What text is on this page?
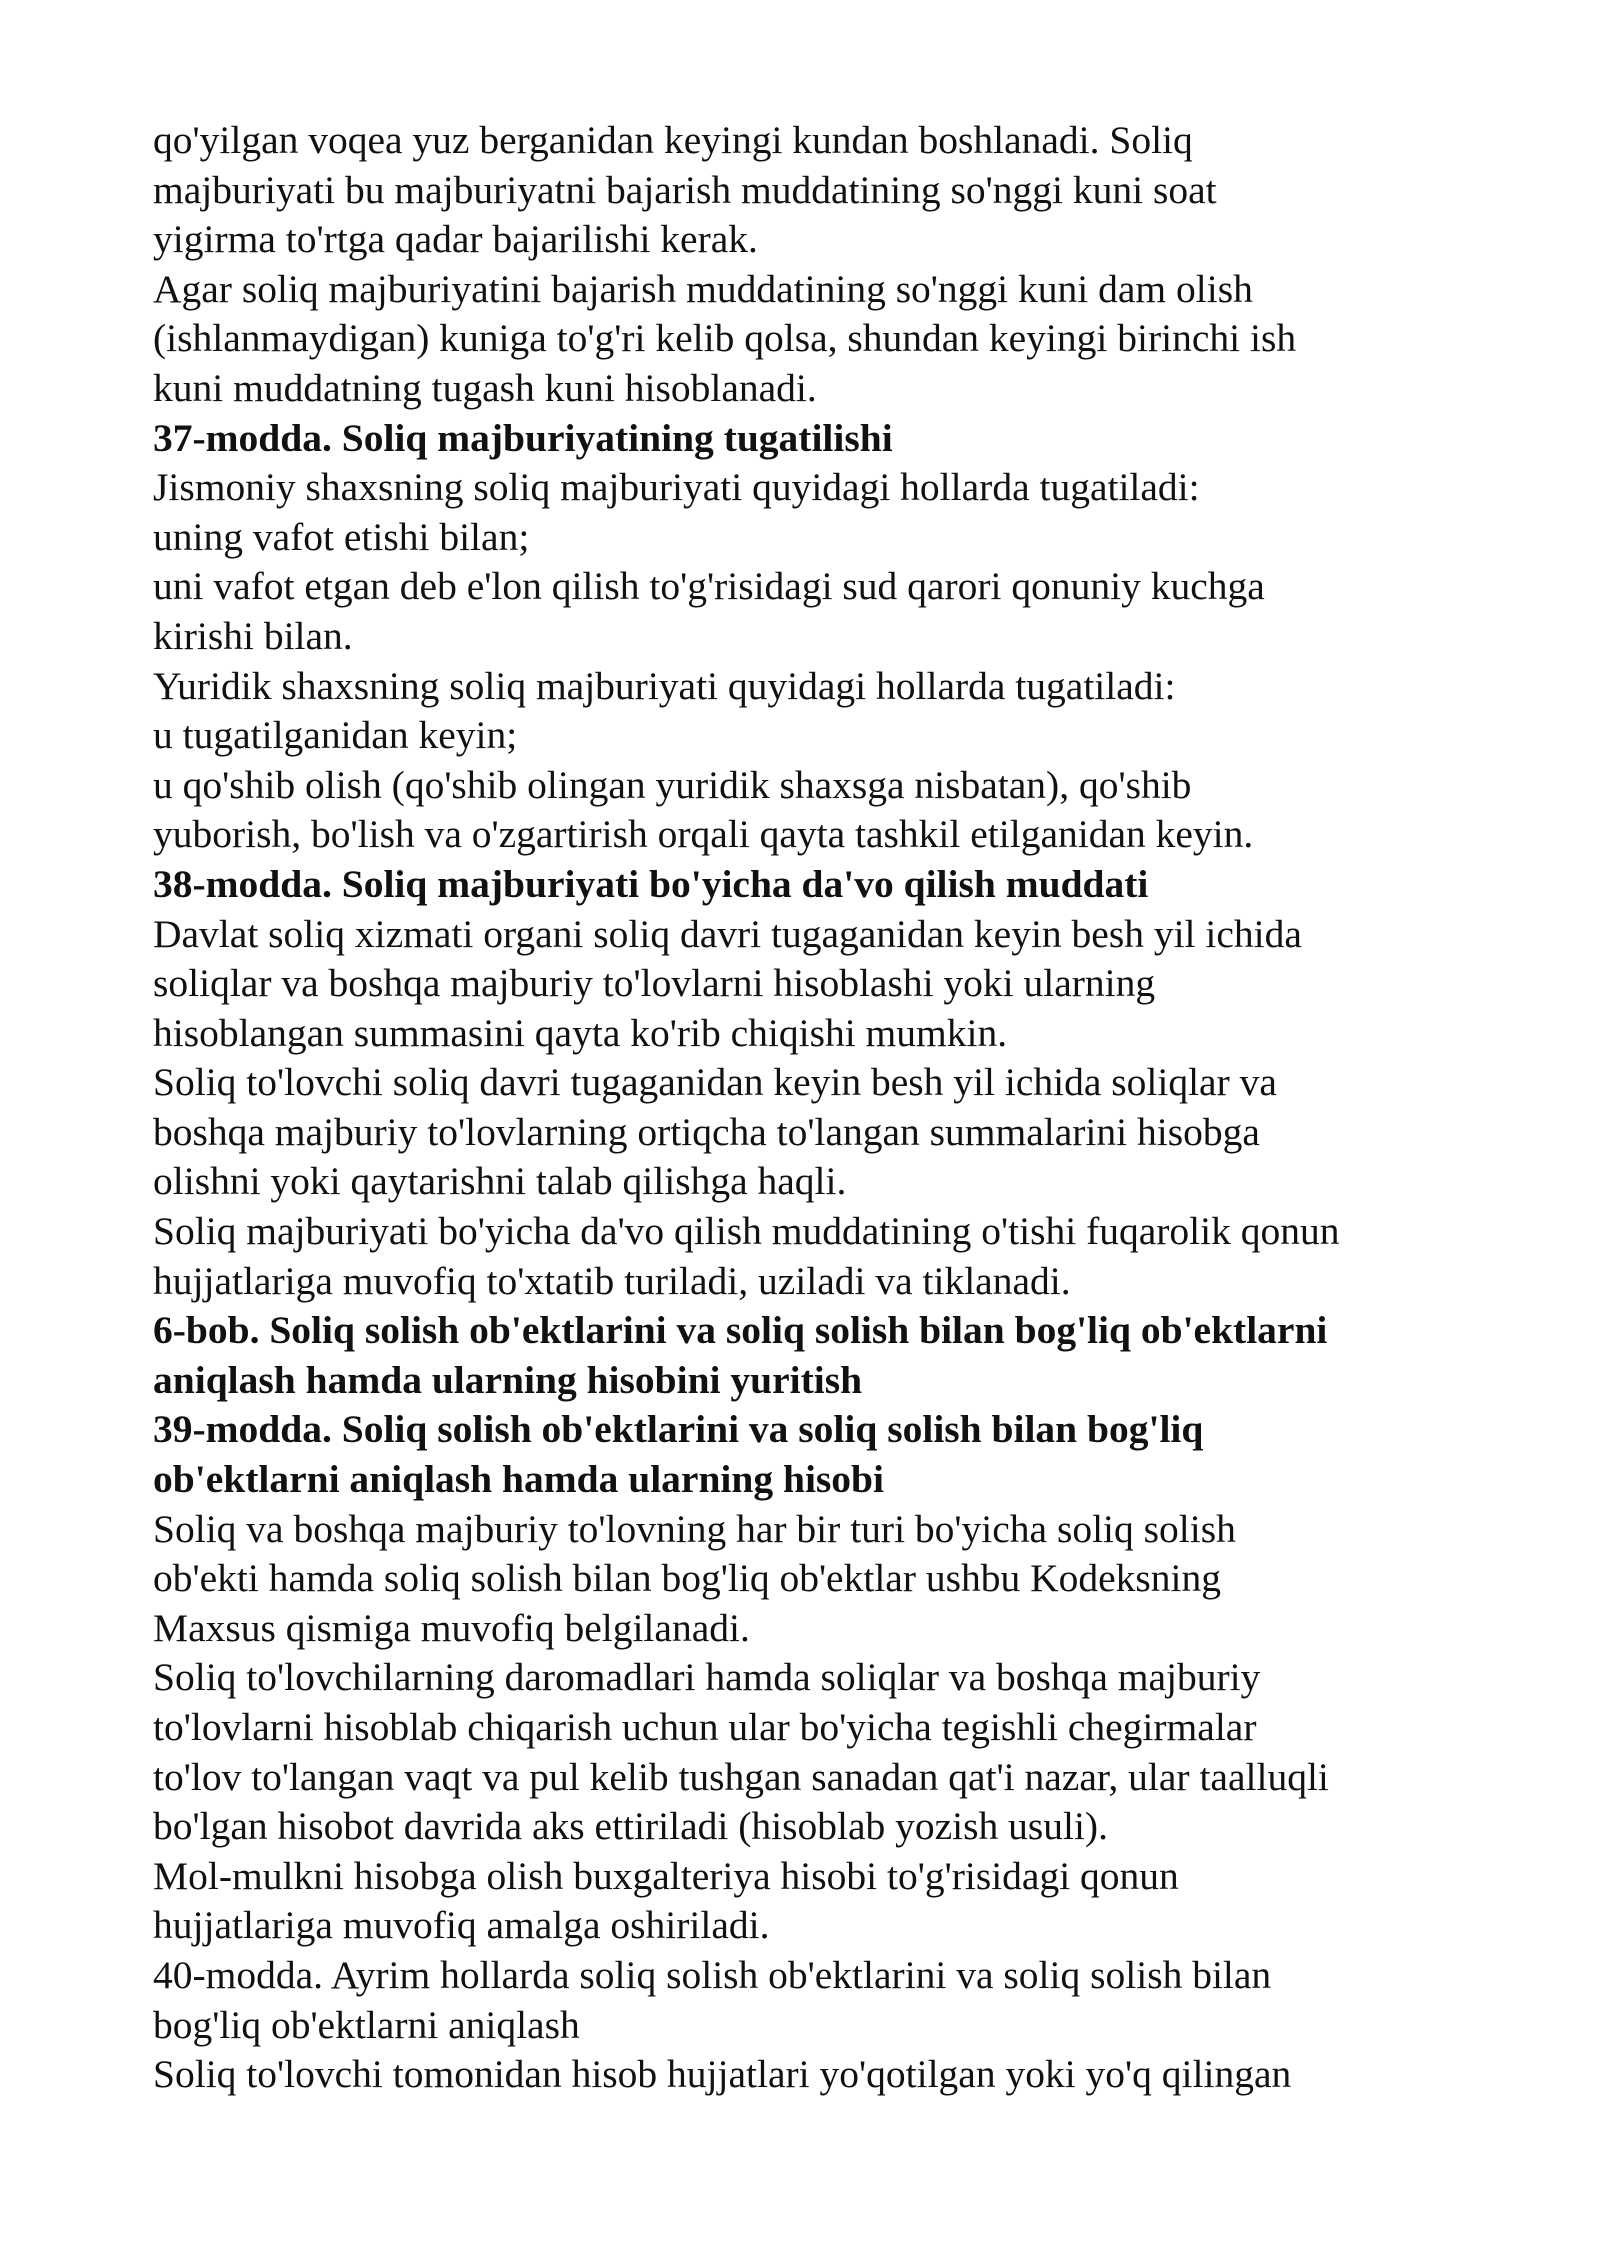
qo'yilgan voqea yuz berganidan keyingi kundan boshlanadi. Soliq
majburiyati bu majburiyatni bajarish muddatining so'nggi kuni soat
yigirma to'rtga qadar bajarilishi kerak.
Agar soliq majburiyatini bajarish muddatining so'nggi kuni dam olish
(ishlanmaydigan) kuniga to'g'ri kelib qolsa, shundan keyingi birinchi ish
kuni muddatning tugash kuni hisoblanadi.
37-modda. Soliq majburiyatining tugatilishi
Jismoniy shaxsning soliq majburiyati quyidagi hollarda tugatiladi:
uning vafot etishi bilan;
uni vafot etgan deb e'lon qilish to'g'risidagi sud qarori qonuniy kuchga
kirishi bilan.
Yuridik shaxsning soliq majburiyati quyidagi hollarda tugatiladi:
u tugatilganidan keyin;
u qo'shib olish (qo'shib olingan yuridik shaxsga nisbatan), qo'shib
yuborish, bo'lish va o'zgartirish orqali qayta tashkil etilganidan keyin.
38-modda. Soliq majburiyati bo'yicha da'vo qilish muddati
Davlat soliq xizmati organi soliq davri tugaganidan keyin besh yil ichida
soliqlar va boshqa majburiy to'lovlarni hisoblashi yoki ularning
hisoblangan summasini qayta ko'rib chiqishi mumkin.
Soliq to'lovchi soliq davri tugaganidan keyin besh yil ichida soliqlar va
boshqa majburiy to'lovlarning ortiqcha to'langan summalarini hisobga
olishni yoki qaytarishni talab qilishga haqli.
Soliq majburiyati bo'yicha da'vo qilish muddatining o'tishi fuqarolik qonun
hujjatlariga muvofiq to'xtatib turiladi, uziladi va tiklanadi.
6-bob. Soliq solish ob'ektlarini va soliq solish bilan bog'liq ob'ektlarni
aniqlash hamda ularning hisobini yuritish
39-modda. Soliq solish ob'ektlarini va soliq solish bilan bog'liq
ob'ektlarni aniqlash hamda ularning hisobi
Soliq va boshqa majburiy to'lovning har bir turi bo'yicha soliq solish
ob'ekti hamda soliq solish bilan bog'liq ob'ektlar ushbu Kodeksning
Maxsus qismiga muvofiq belgilanadi.
Soliq to'lovchilarning daromadlari hamda soliqlar va boshqa majburiy
to'lovlarni hisoblab chiqarish uchun ular bo'yicha tegishli chegirmalar
to'lov to'langan vaqt va pul kelib tushgan sanadan qat'i nazar, ular taalluqli
bo'lgan hisobot davrida aks ettiriladi (hisoblab yozish usuli).
Mol-mulkni hisobga olish buxgalteriya hisobi to'g'risidagi qonun
hujjatlariga muvofiq amalga oshiriladi.
40-modda. Ayrim hollarda soliq solish ob'ektlarini va soliq solish bilan
bog'liq ob'ektlarni aniqlash
Soliq to'lovchi tomonidan hisob hujjatlari yo'qotilgan yoki yo'q qilingan
